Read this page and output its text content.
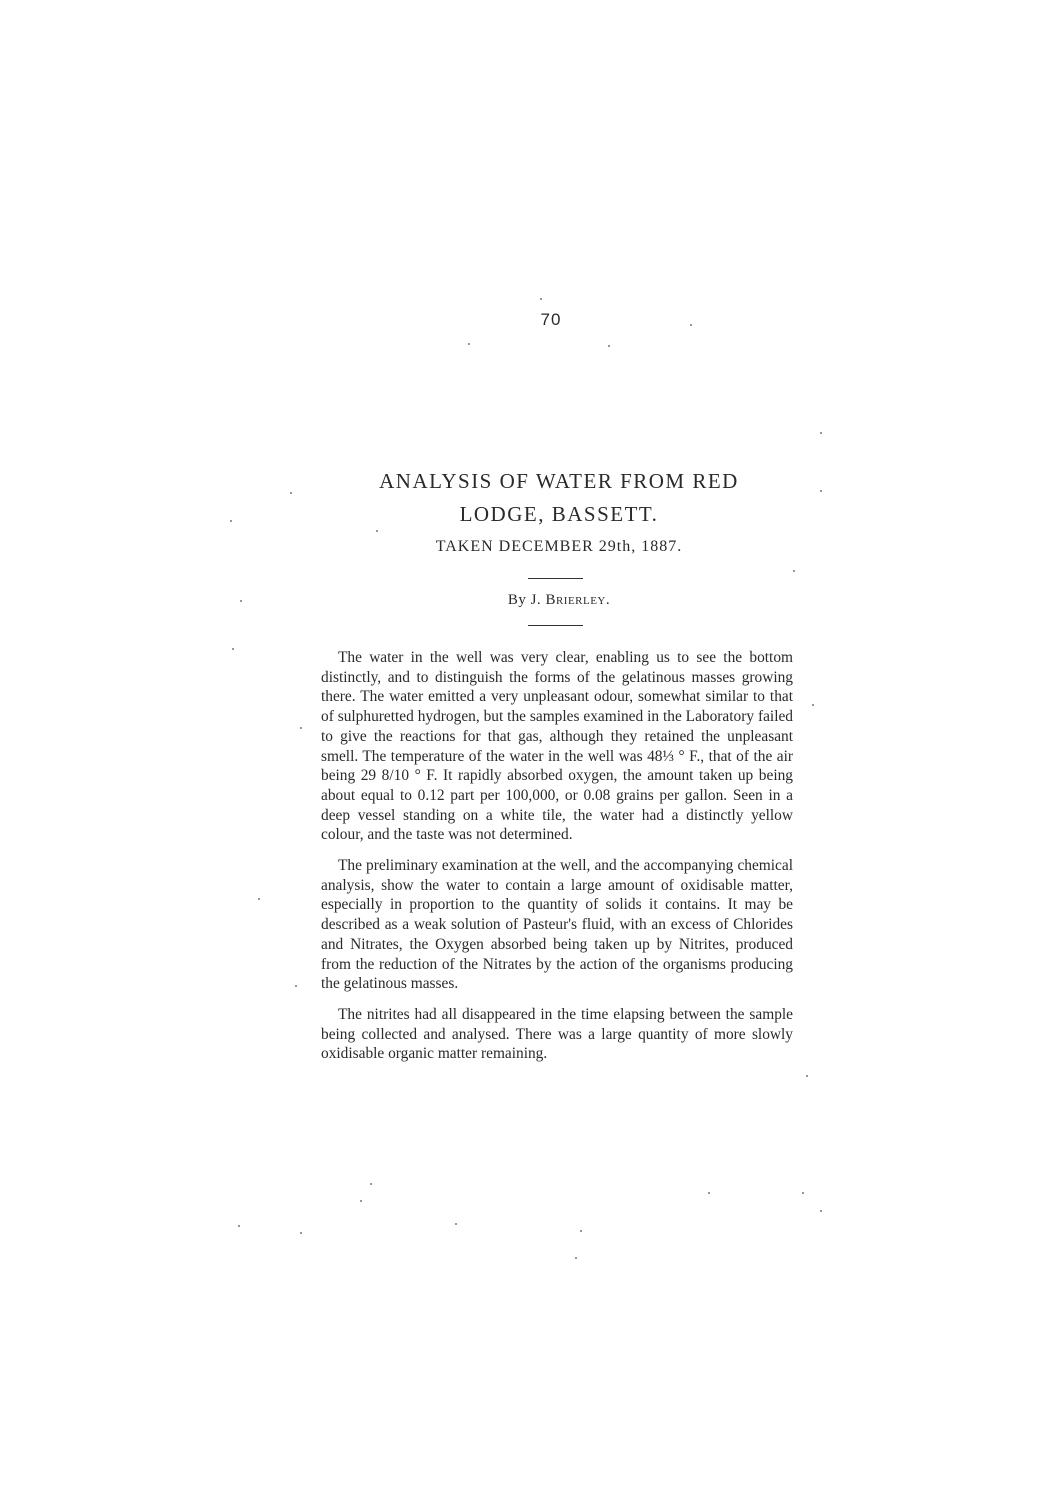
70
ANALYSIS OF WATER FROM RED
LODGE, BASSETT.
TAKEN DECEMBER 29th, 1887.
By J. Brierley.

The water in the well was very clear, enabling us to see the bottom distinctly, and to distinguish the forms of the gelatinous masses growing there. The water emitted a very unpleasant odour, somewhat similar to that of sulphuretted hydrogen, but the samples examined in the Laboratory failed to give the reactions for that gas, although they retained the unpleasant smell. The temperature of the water in the well was 48⅓ ° F., that of the air being 29 8/10 ° F. It rapidly absorbed oxygen, the amount taken up being about equal to 0.12 part per 100,000, or 0.08 grains per gallon. Seen in a deep vessel standing on a white tile, the water had a distinctly yellow colour, and the taste was not determined.

The preliminary examination at the well, and the accompanying chemical analysis, show the water to contain a large amount of oxidisable matter, especially in proportion to the quantity of solids it contains. It may be described as a weak solution of Pasteur's fluid, with an excess of Chlorides and Nitrates, the Oxygen absorbed being taken up by Nitrites, produced from the reduction of the Nitrates by the action of the organisms producing the gelatinous masses.

The nitrites had all disappeared in the time elapsing between the sample being collected and analysed. There was a large quantity of more slowly oxidisable organic matter remaining.
